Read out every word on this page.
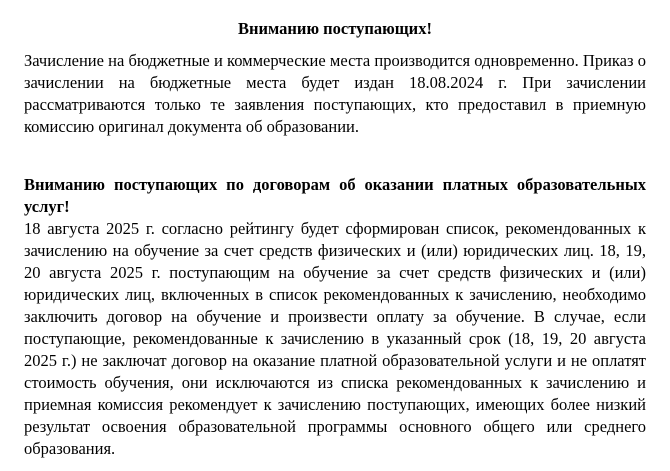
Вниманию поступающих!

Зачисление на бюджетные и коммерческие места производится одновременно. Приказ о зачислении на бюджетные места будет издан 18.08.2024 г. При зачислении рассматриваются только те заявления поступающих, кто предоставил в приемную комиссию оригинал документа об образовании.

Вниманию поступающих по договорам об оказании платных образовательных услуг!

18 августа 2025 г. согласно рейтингу будет сформирован список, рекомендованных к зачислению на обучение за счет средств физических и (или) юридических лиц. 18, 19, 20 августа 2025 г. поступающим на обучение за счет средств физических и (или) юридических лиц, включенных в список рекомендованных к зачислению, необходимо заключить договор на обучение и произвести оплату за обучение. В случае, если поступающие, рекомендованные к зачислению в указанный срок (18, 19, 20 августа 2025 г.) не заключат договор на оказание платной образовательной услуги и не оплатят стоимость обучения, они исключаются из списка рекомендованных к зачислению и приемная комиссия рекомендует к зачислению поступающих, имеющих более низкий результат освоения образовательной программы основного общего или среднего образования.
